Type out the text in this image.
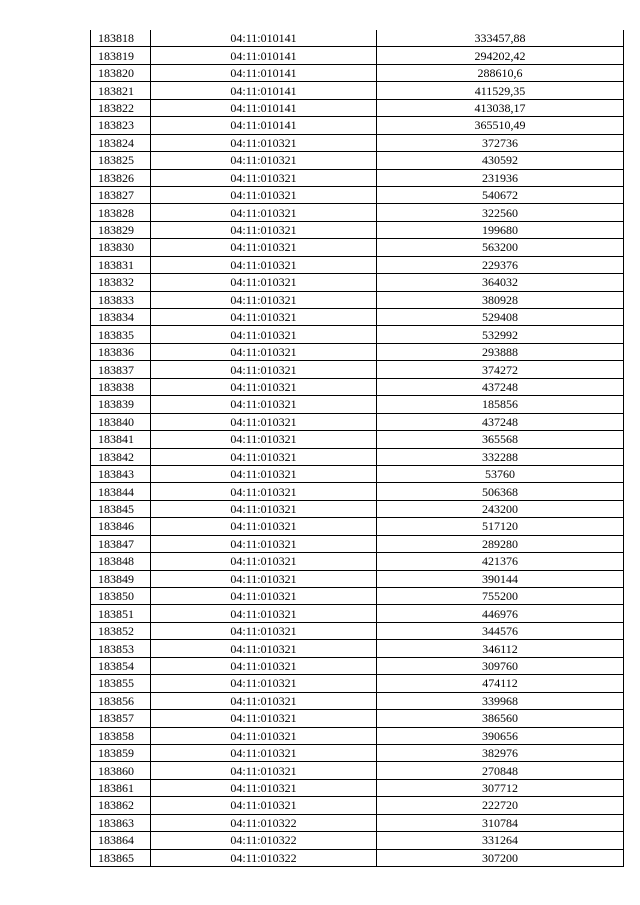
183818	04:11:010141	333457,88
183819	04:11:010141	294202,42
183820	04:11:010141	288610,6
183821	04:11:010141	411529,35
183822	04:11:010141	413038,17
183823	04:11:010141	365510,49
183824	04:11:010321	372736
183825	04:11:010321	430592
183826	04:11:010321	231936
183827	04:11:010321	540672
183828	04:11:010321	322560
183829	04:11:010321	199680
183830	04:11:010321	563200
183831	04:11:010321	229376
183832	04:11:010321	364032
183833	04:11:010321	380928
183834	04:11:010321	529408
183835	04:11:010321	532992
183836	04:11:010321	293888
183837	04:11:010321	374272
183838	04:11:010321	437248
183839	04:11:010321	185856
183840	04:11:010321	437248
183841	04:11:010321	365568
183842	04:11:010321	332288
183843	04:11:010321	53760
183844	04:11:010321	506368
183845	04:11:010321	243200
183846	04:11:010321	517120
183847	04:11:010321	289280
183848	04:11:010321	421376
183849	04:11:010321	390144
183850	04:11:010321	755200
183851	04:11:010321	446976
183852	04:11:010321	344576
183853	04:11:010321	346112
183854	04:11:010321	309760
183855	04:11:010321	474112
183856	04:11:010321	339968
183857	04:11:010321	386560
183858	04:11:010321	390656
183859	04:11:010321	382976
183860	04:11:010321	270848
183861	04:11:010321	307712
183862	04:11:010321	222720
183863	04:11:010322	310784
183864	04:11:010322	331264
183865	04:11:010322	307200
